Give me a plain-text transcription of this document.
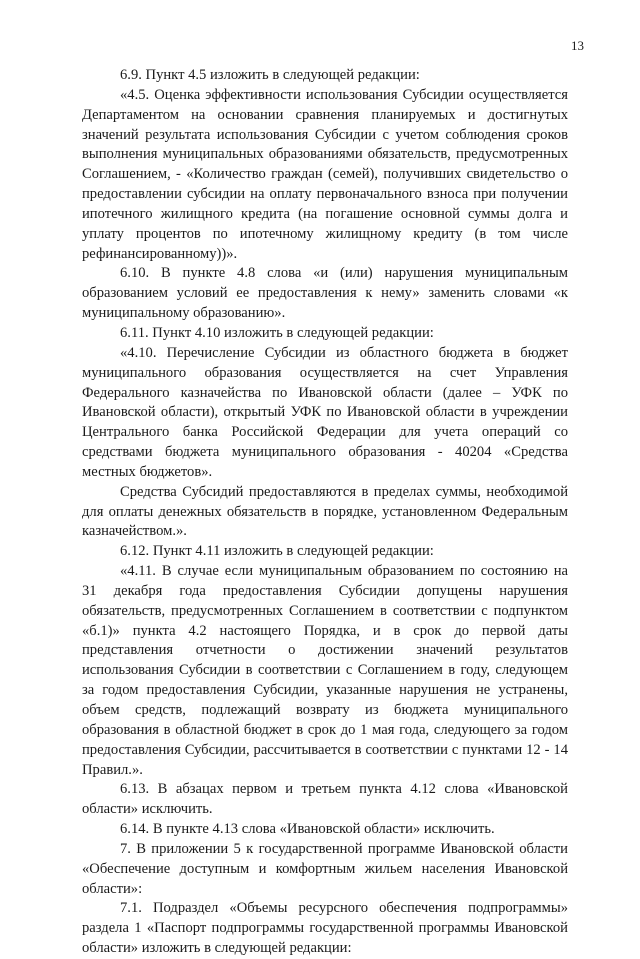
13

6.9. Пункт 4.5 изложить в следующей редакции:

«4.5. Оценка эффективности использования Субсидии осуществляется Департаментом на основании сравнения планируемых и достигнутых значений результата использования Субсидии с учетом соблюдения сроков выполнения муниципальных образованиями обязательств, предусмотренных Соглашением, - «Количество граждан (семей), получивших свидетельство о предоставлении субсидии на оплату первоначального взноса при получении ипотечного жилищного кредита (на погашение основной суммы долга и уплату процентов по ипотечному жилищному кредиту (в том числе рефинансированному))».

6.10. В пункте 4.8 слова «и (или) нарушения муниципальным образованием условий ее предоставления к нему» заменить словами «к муниципальному образованию».

6.11. Пункт 4.10 изложить в следующей редакции:

«4.10. Перечисление Субсидии из областного бюджета в бюджет муниципального образования осуществляется на счет Управления Федерального казначейства по Ивановской области (далее – УФК по Ивановской области), открытый УФК по Ивановской области в учреждении Центрального банка Российской Федерации для учета операций со средствами бюджета муниципального образования - 40204 «Средства местных бюджетов».

Средства Субсидий предоставляются в пределах суммы, необходимой для оплаты денежных обязательств в порядке, установленном Федеральным казначейством.».

6.12. Пункт 4.11 изложить в следующей редакции:

«4.11. В случае если муниципальным образованием по состоянию на 31 декабря года предоставления Субсидии допущены нарушения обязательств, предусмотренных Соглашением в соответствии с подпунктом «б.1)» пункта 4.2 настоящего Порядка, и в срок до первой даты представления отчетности о достижении значений результатов использования Субсидии в соответствии с Соглашением в году, следующем за годом предоставления Субсидии, указанные нарушения не устранены, объем средств, подлежащий возврату из бюджета муниципального образования в областной бюджет в срок до 1 мая года, следующего за годом предоставления Субсидии, рассчитывается в соответствии с пунктами 12 - 14 Правил.».

6.13. В абзацах первом и третьем пункта 4.12 слова «Ивановской области» исключить.

6.14. В пункте 4.13 слова «Ивановской области» исключить.

7. В приложении 5 к государственной программе Ивановской области «Обеспечение доступным и комфортным жильем населения Ивановской области»:

7.1. Подраздел «Объемы ресурсного обеспечения подпрограммы» раздела 1 «Паспорт подпрограммы государственной программы Ивановской области» изложить в следующей редакции:
